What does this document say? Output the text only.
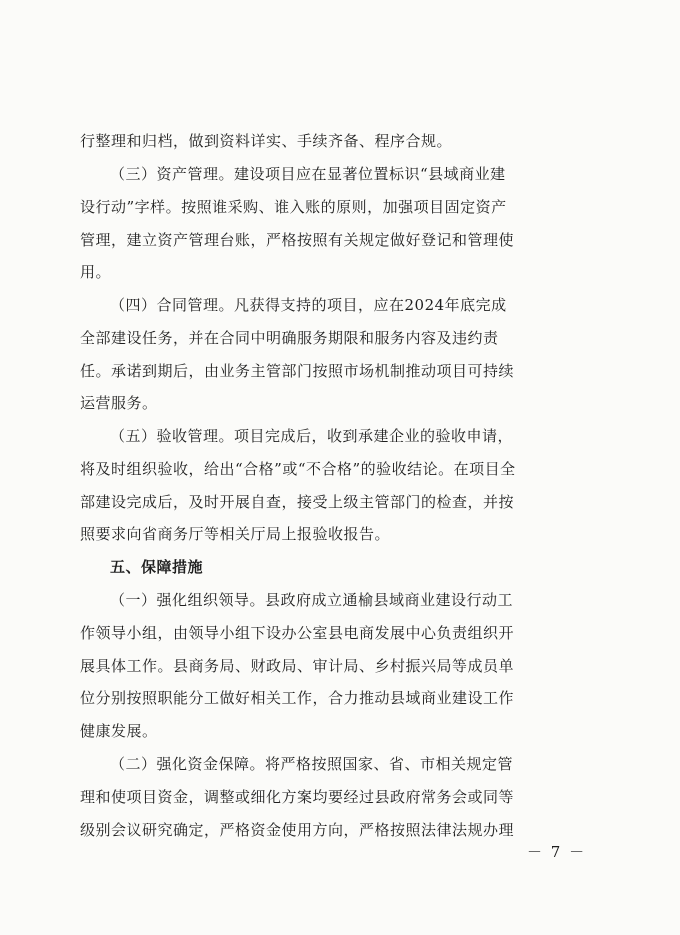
行整理和归档，做到资料详实、手续齐备、程序合规。
（三）资产管理。建设项目应在显著位置标识“县域商业建
设行动”字样。按照谁采购、谁入账的原则，加强项目固定资产
管理，建立资产管理台账，严格按照有关规定做好登记和管理使
用。
（四）合同管理。凡获得支持的项目，应在2024年底完成
全部建设任务，并在合同中明确服务期限和服务内容及违约责
任。承诺到期后，由业务主管部门按照市场机制推动项目可持续
运营服务。
（五）验收管理。项目完成后，收到承建企业的验收申请，
将及时组织验收，给出“合格”或“不合格”的验收结论。在项目全
部建设完成后，及时开展自查，接受上级主管部门的检查，并按
照要求向省商务厅等相关厅局上报验收报告。
五、保障措施
（一）强化组织领导。县政府成立通榆县域商业建设行动工
作领导小组，由领导小组下设办公室县电商发展中心负责组织开
展具体工作。县商务局、财政局、审计局、乡村振兴局等成员单
位分别按照职能分工做好相关工作，合力推动县域商业建设工作
健康发展。
（二）强化资金保障。将严格按照国家、省、市相关规定管
理和使项目资金，调整或细化方案均要经过县政府常务会或同等
级别会议研究确定，严格资金使用方向，严格按照法律法规办理
－ 7 －
